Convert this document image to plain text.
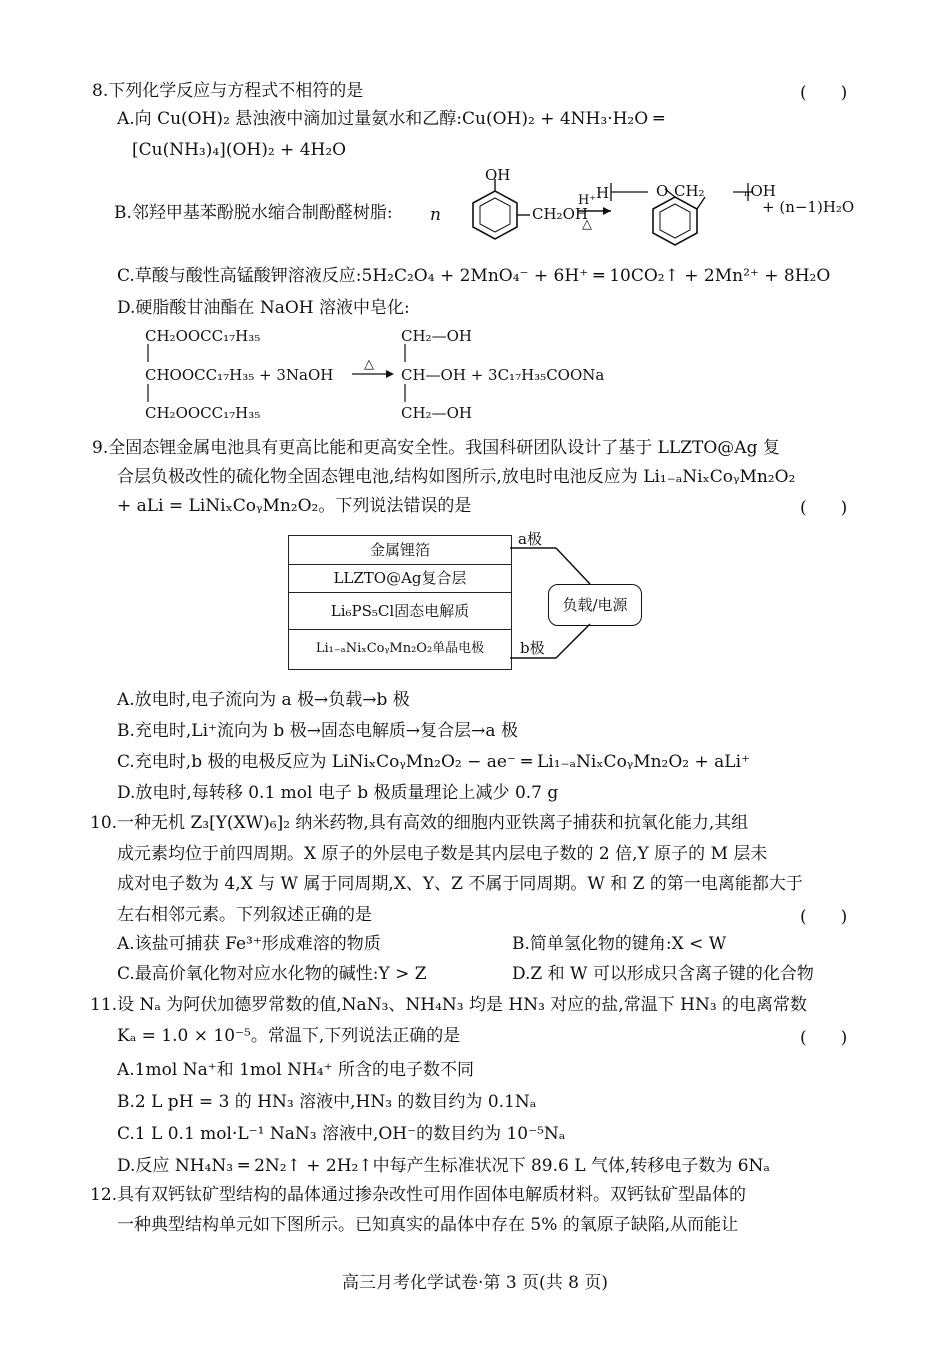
8.下列化学反应与方程式不相符的是	(　　)
A.向 Cu(OH)₂ 悬浊液中滴加过量氨水和乙醇:Cu(OH)₂ + 4NH₃·H₂O ═
[Cu(NH₃)₄](OH)₂ + 4H₂O
B.邻羟甲基苯酚脱水缩合制酚醛树脂: n
OH
CH₂OH
H⁺
△
H	O CH₂	ₙOH
+ (n−1)H₂O
C.草酸与酸性高锰酸钾溶液反应:5H₂C₂O₄ + 2MnO₄⁻ + 6H⁺ ═ 10CO₂↑ + 2Mn²⁺ + 8H₂O
D.硬脂酸甘油酯在 NaOH 溶液中皂化:
CH₂OOCC₁₇H₃₅
CHOOCC₁₇H₃₅ + 3NaOH
CH₂OOCC₁₇H₃₅
△
CH₂—OH
CH—OH + 3C₁₇H₃₅COONa
CH₂—OH
9.全固态锂金属电池具有更高比能和更高安全性。我国科研团队设计了基于 LLZTO@Ag 复
合层负极改性的硫化物全固态锂电池,结构如图所示,放电时电池反应为 Li₁₋ₐNiₓCoᵧMn₂O₂
+ aLi = LiNiₓCoᵧMn₂O₂。下列说法错误的是	(　　)
金属锂箔
LLZTO@Ag复合层
Li₆PS₅Cl固态电解质
Li₁₋ₐNiₓCoᵧMn₂O₂单晶电极
负载/电源
a极
b极
A.放电时,电子流向为 a 极→负载→b 极
B.充电时,Li⁺流向为 b 极→固态电解质→复合层→a 极
C.充电时,b 极的电极反应为 LiNiₓCoᵧMn₂O₂ − ae⁻ ═ Li₁₋ₐNiₓCoᵧMn₂O₂ + aLi⁺
D.放电时,每转移 0.1 mol 电子 b 极质量理论上减少 0.7 g
10.一种无机 Z₃[Y(XW)₆]₂ 纳米药物,具有高效的细胞内亚铁离子捕获和抗氧化能力,其组
成元素均位于前四周期。X 原子的外层电子数是其内层电子数的 2 倍,Y 原子的 M 层未
成对电子数为 4,X 与 W 属于同周期,X、Y、Z 不属于同周期。W 和 Z 的第一电离能都大于
左右相邻元素。下列叙述正确的是	(　　)
A.该盐可捕获 Fe³⁺形成难溶的物质	B.简单氢化物的键角:X < W
C.最高价氧化物对应水化物的碱性:Y > Z	D.Z 和 W 可以形成只含离子键的化合物
11.设 Nₐ 为阿伏加德罗常数的值,NaN₃、NH₄N₃ 均是 HN₃ 对应的盐,常温下 HN₃ 的电离常数
Kₐ = 1.0 × 10⁻⁵。常温下,下列说法正确的是	(　　)
A.1mol Na⁺和 1mol NH₄⁺ 所含的电子数不同
B.2 L pH = 3 的 HN₃ 溶液中,HN₃ 的数目约为 0.1Nₐ
C.1 L 0.1 mol·L⁻¹ NaN₃ 溶液中,OH⁻的数目约为 10⁻⁵Nₐ
D.反应 NH₄N₃ ═ 2N₂↑ + 2H₂↑中每产生标准状况下 89.6 L 气体,转移电子数为 6Nₐ
12.具有双钙钛矿型结构的晶体通过掺杂改性可用作固体电解质材料。双钙钛矿型晶体的
一种典型结构单元如下图所示。已知真实的晶体中存在 5% 的氧原子缺陷,从而能让
高三月考化学试卷·第 3 页(共 8 页)
